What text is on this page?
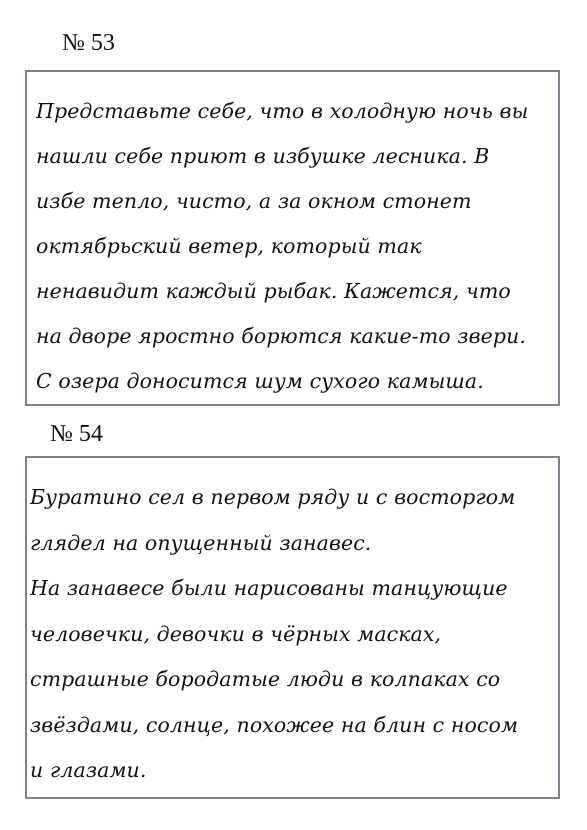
№ 53
Представьте себе, что в холодную ночь вы
нашли себе приют в избушке лесника. В
избе тепло, чисто, а за окном стонет
октябрьский ветер, который так
ненавидит каждый рыбак. Кажется, что
на дворе яростно борются какие-то звери.
С озера доносится шум сухого камыша.
№ 54
Буратино сел в первом ряду и с восторгом
глядел на опущенный занавес.
На занавесе были нарисованы танцующие
человечки, девочки в чёрных масках,
страшные бородатые люди в колпаках со
звёздами, солнце, похожее на блин с носом
и глазами.
